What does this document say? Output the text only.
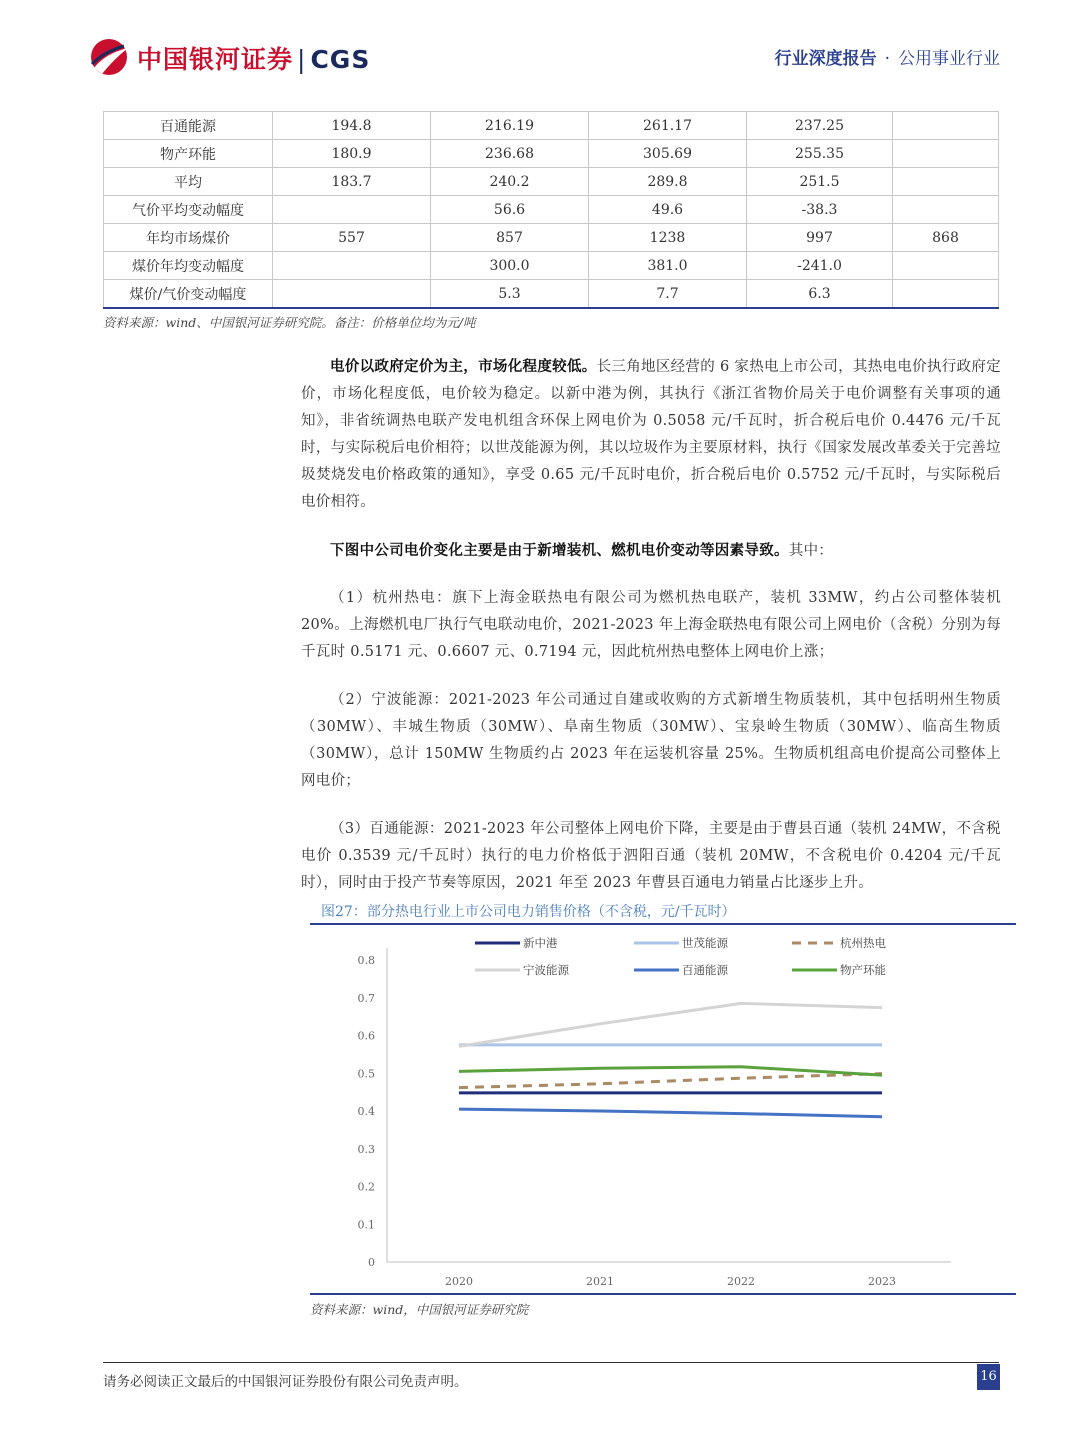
中国银河证券 | CGS	行业深度报告 · 公用事业行业
百通能源	194.8	216.19	261.17	237.25	
物产环能	180.9	236.68	305.69	255.35	
平均	183.7	240.2	289.8	251.5	
气价平均变动幅度		56.6	49.6	-38.3	
年均市场煤价	557	857	1238	997	868
煤价年均变动幅度		300.0	381.0	-241.0	
煤价/气价变动幅度		5.3	7.7	6.3	
资料来源：wind、中国银河证券研究院。备注：价格单位均为元/吨
电价以政府定价为主，市场化程度较低。长三角地区经营的 6 家热电上市公司，其热电电价执行政府定价，市场化程度低，电价较为稳定。以新中港为例，其执行《浙江省物价局关于电价调整有关事项的通知》，非省统调热电联产发电机组含环保上网电价为 0.5058 元/千瓦时，折合税后电价 0.4476 元/千瓦时，与实际税后电价相符；以世茂能源为例，其以垃圾作为主要原材料，执行《国家发展改革委关于完善垃圾焚烧发电价格政策的通知》，享受 0.65 元/千瓦时电价，折合税后电价 0.5752 元/千瓦时，与实际税后电价相符。
下图中公司电价变化主要是由于新增装机、燃机电价变动等因素导致。其中：
（1）杭州热电：旗下上海金联热电有限公司为燃机热电联产，装机 33MW，约占公司整体装机 20%。上海燃机电厂执行气电联动电价，2021-2023 年上海金联热电有限公司上网电价（含税）分别为每千瓦时 0.5171 元、0.6607 元、0.7194 元，因此杭州热电整体上网电价上涨；
（2）宁波能源：2021-2023 年公司通过自建或收购的方式新增生物质装机，其中包括明州生物质（30MW）、丰城生物质（30MW）、阜南生物质（30MW）、宝泉岭生物质（30MW）、临高生物质（30MW），总计 150MW 生物质约占 2023 年在运装机容量 25%。生物质机组高电价提高公司整体上网电价；
（3）百通能源：2021-2023 年公司整体上网电价下降，主要是由于曹县百通（装机 24MW，不含税电价 0.3539 元/千瓦时）执行的电力价格低于泗阳百通（装机 20MW，不含税电价 0.4204 元/千瓦时），同时由于投产节奏等原因，2021 年至 2023 年曹县百通电力销量占比逐步上升。
图27：部分热电行业上市公司电力销售价格（不含税，元/千瓦时）
0
0.1
0.2
0.3
0.4
0.5
0.6
0.7
0.8
2020	2021	2022	2023
新中港	世茂能源	杭州热电
宁波能源	百通能源	物产环能
资料来源：wind，中国银河证券研究院
请务必阅读正文最后的中国银河证券股份有限公司免责声明。	16
